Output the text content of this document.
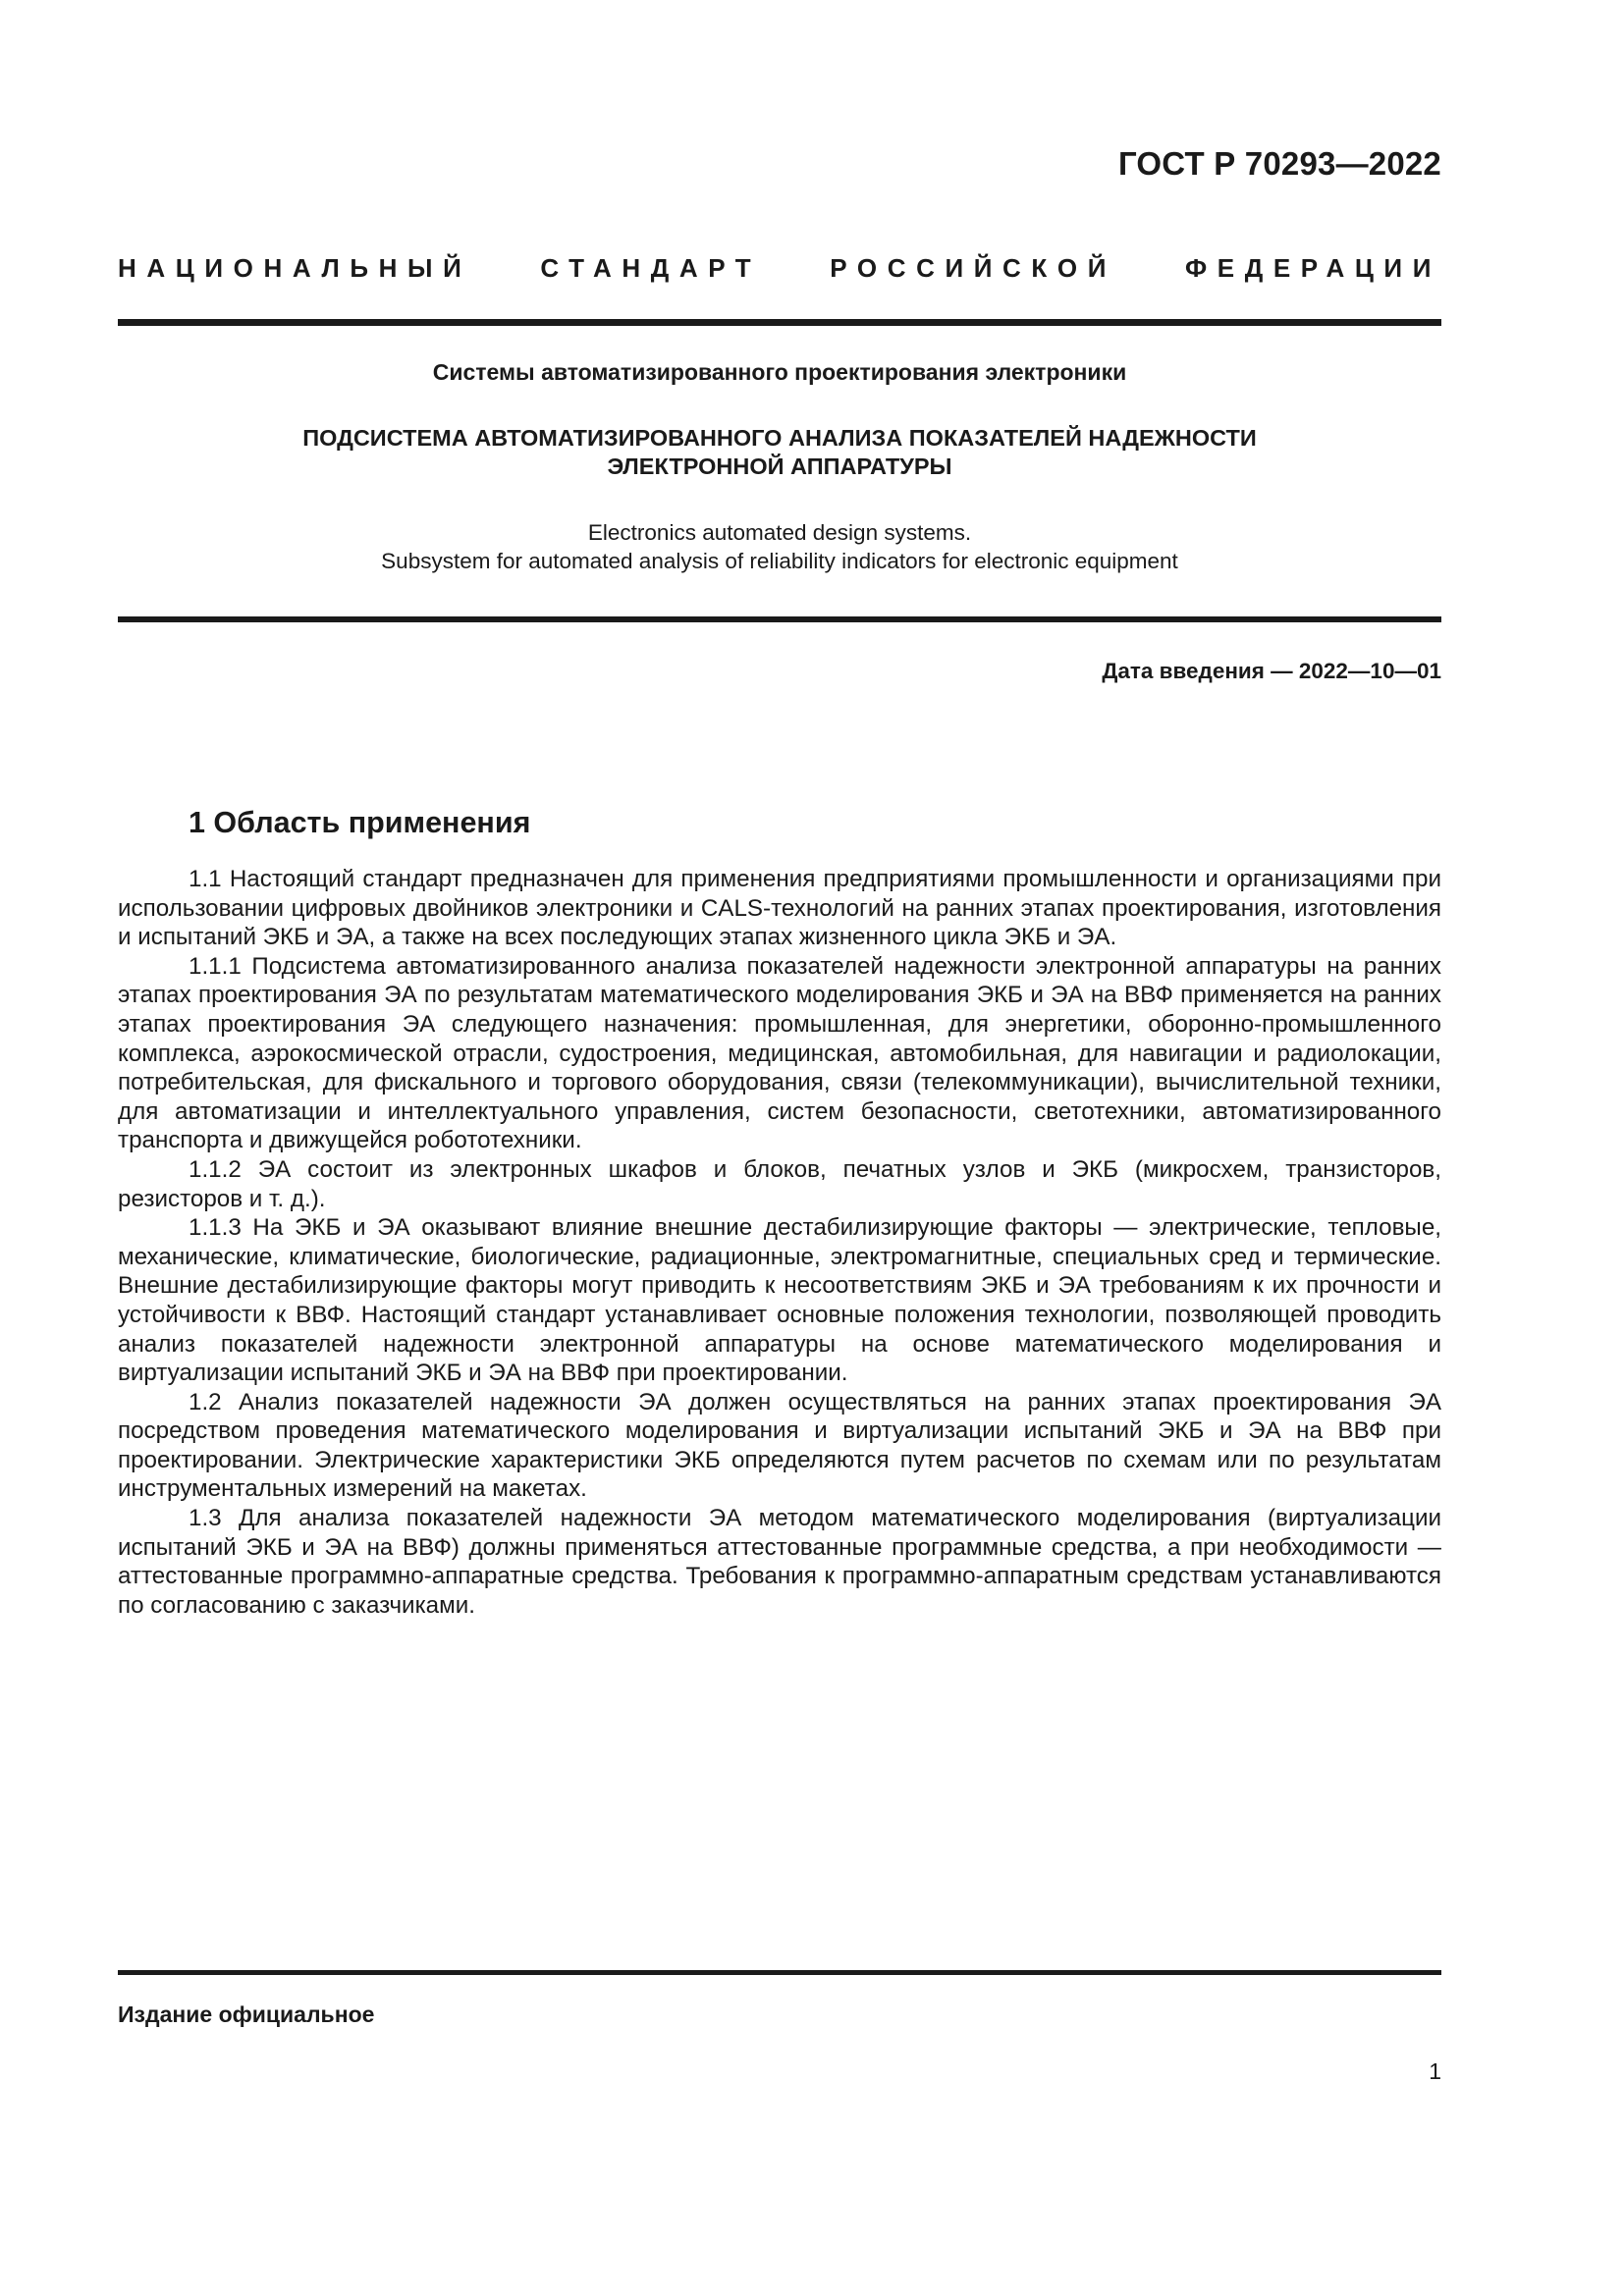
ГОСТ Р 70293—2022
НАЦИОНАЛЬНЫЙ СТАНДАРТ РОССИЙСКОЙ ФЕДЕРАЦИИ
Системы автоматизированного проектирования электроники
ПОДСИСТЕМА АВТОМАТИЗИРОВАННОГО АНАЛИЗА ПОКАЗАТЕЛЕЙ НАДЕЖНОСТИ
ЭЛЕКТРОННОЙ АППАРАТУРЫ
Electronics automated design systems.
Subsystem for automated analysis of reliability indicators for electronic equipment
Дата введения — 2022—10—01
1 Область применения

1.1 Настоящий стандарт предназначен для применения предприятиями промышленности и организациями при использовании цифровых двойников электроники и CALS-технологий на ранних этапах проектирования, изготовления и испытаний ЭКБ и ЭА, а также на всех последующих этапах жизненного цикла ЭКБ и ЭА.

1.1.1 Подсистема автоматизированного анализа показателей надежности электронной аппаратуры на ранних этапах проектирования ЭА по результатам математического моделирования ЭКБ и ЭА на ВВФ применяется на ранних этапах проектирования ЭА следующего назначения: промышленная, для энергетики, оборонно-промышленного комплекса, аэрокосмической отрасли, судостроения, медицинская, автомобильная, для навигации и радиолокации, потребительская, для фискального и торгового оборудования, связи (телекоммуникации), вычислительной техники, для автоматизации и интеллектуального управления, систем безопасности, светотехники, автоматизированного транспорта и движущейся робототехники.

1.1.2 ЭА состоит из электронных шкафов и блоков, печатных узлов и ЭКБ (микросхем, транзисторов, резисторов и т. д.).

1.1.3 На ЭКБ и ЭА оказывают влияние внешние дестабилизирующие факторы — электрические, тепловые, механические, климатические, биологические, радиационные, электромагнитные, специальных сред и термические. Внешние дестабилизирующие факторы могут приводить к несоответствиям ЭКБ и ЭА требованиям к их прочности и устойчивости к ВВФ. Настоящий стандарт устанавливает основные положения технологии, позволяющей проводить анализ показателей надежности электронной аппаратуры на основе математического моделирования и виртуализации испытаний ЭКБ и ЭА на ВВФ при проектировании.

1.2 Анализ показателей надежности ЭА должен осуществляться на ранних этапах проектирования ЭА посредством проведения математического моделирования и виртуализации испытаний ЭКБ и ЭА на ВВФ при проектировании. Электрические характеристики ЭКБ определяются путем расчетов по схемам или по результатам инструментальных измерений на макетах.

1.3 Для анализа показателей надежности ЭА методом математического моделирования (виртуализации испытаний ЭКБ и ЭА на ВВФ) должны применяться аттестованные программные средства, а при необходимости — аттестованные программно-аппаратные средства. Требования к программно-аппаратным средствам устанавливаются по согласованию с заказчиками.

Издание официальное
1
